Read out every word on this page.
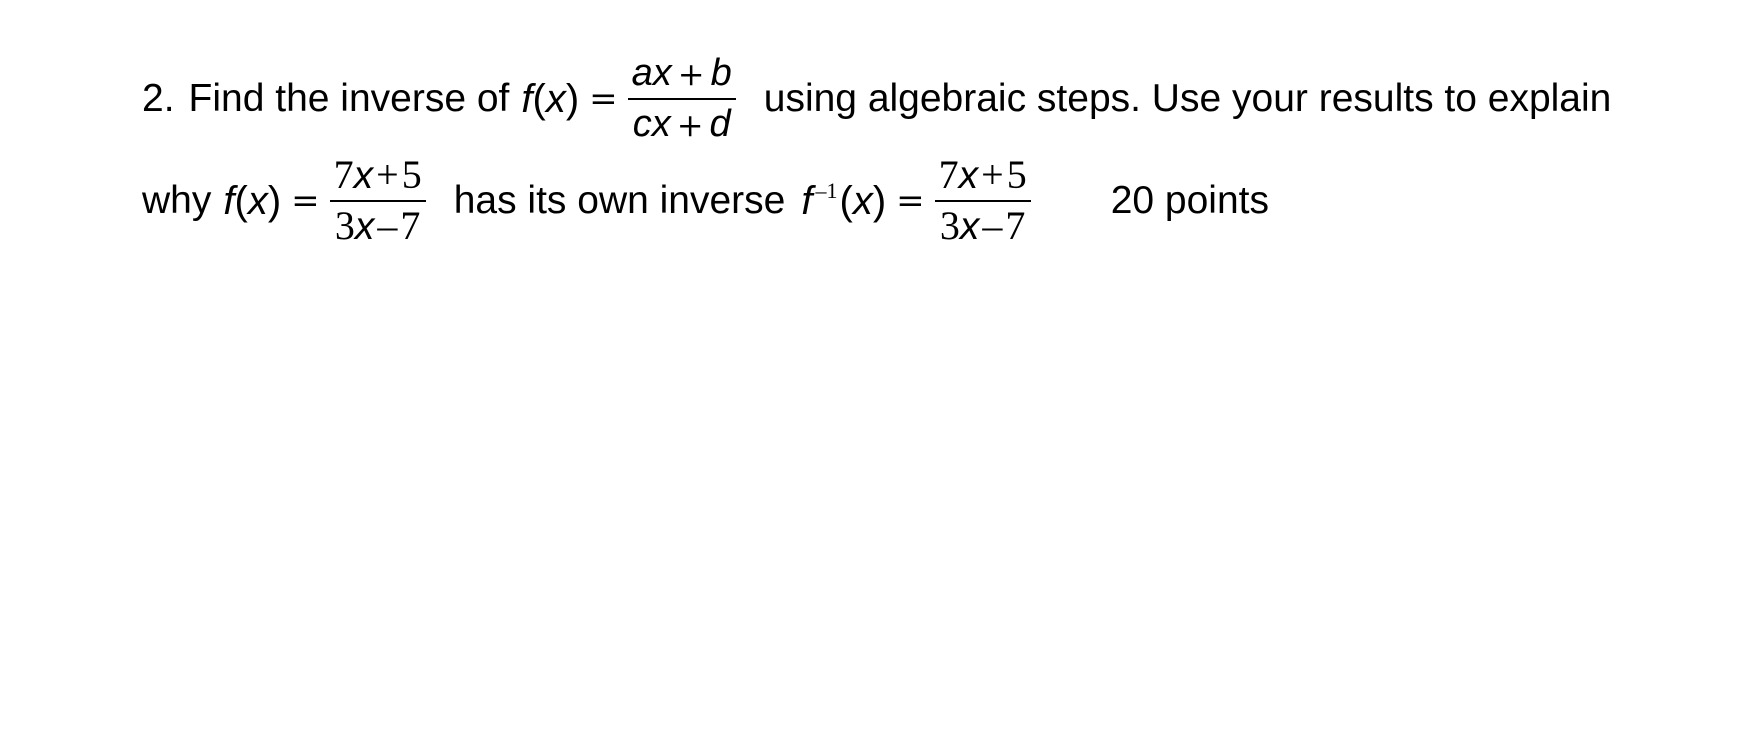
2. Find the inverse of $f(x) = \frac{ax + b}{cx + d}$ using algebraic steps. Use your results to explain
why $f(x) = \frac{7x+5}{3x-7}$ has its own inverse f $^{-1}(x) = \frac{7x+5}{3x-7} 20$ points
